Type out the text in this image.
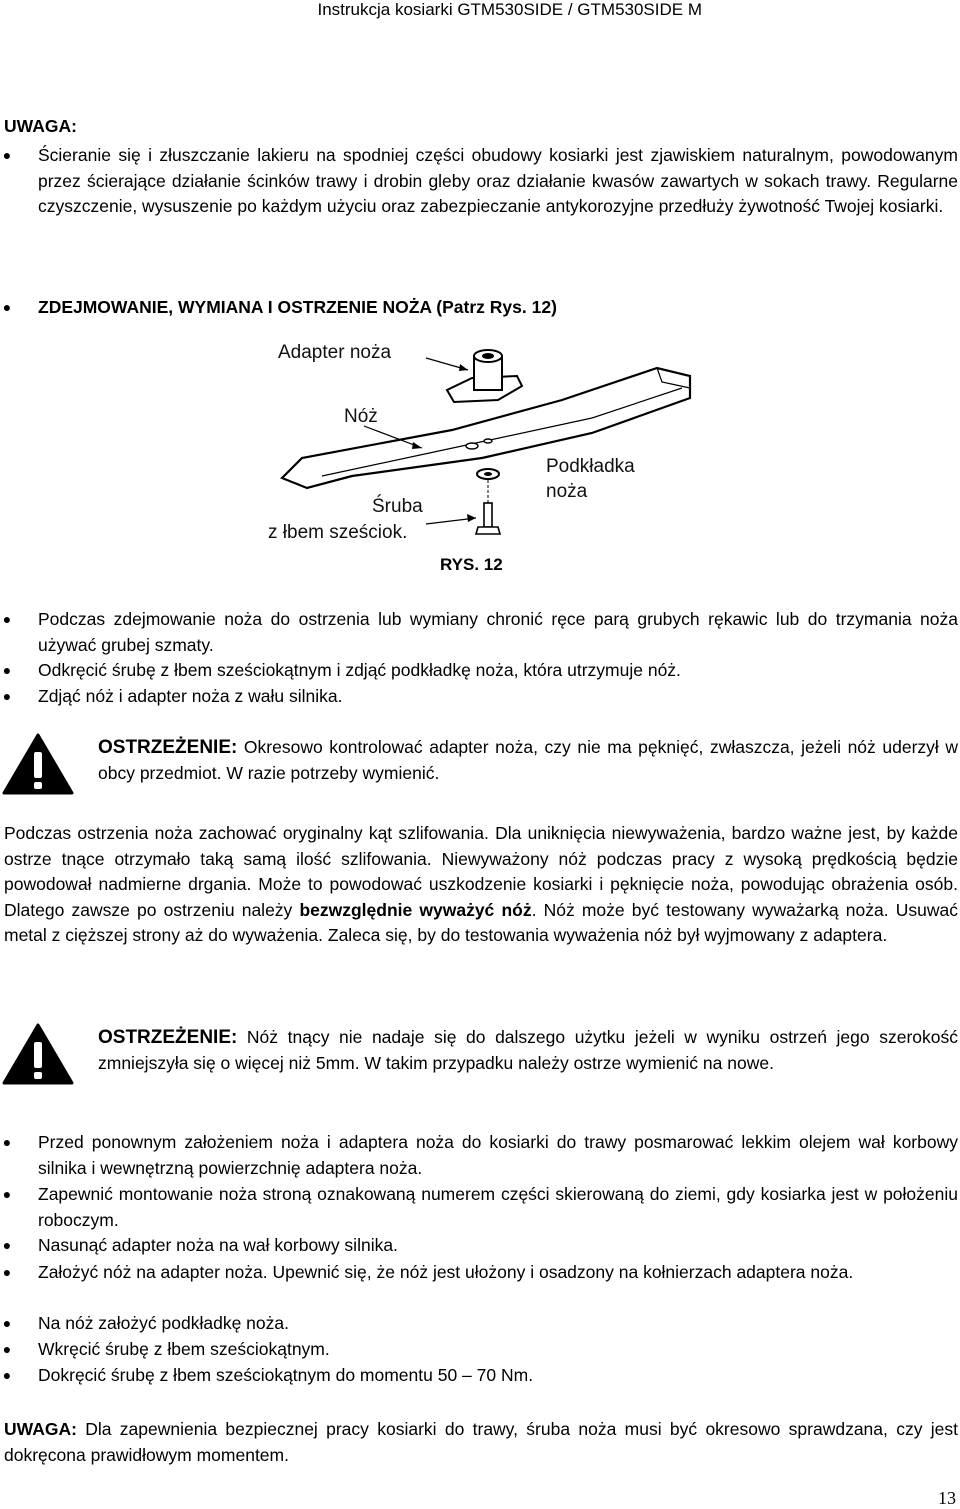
Instrukcja kosiarki GTM530SIDE / GTM530SIDE M
UWAGA:
● Ścieranie się i złuszczanie lakieru na spodniej części obudowy kosiarki jest zjawiskiem naturalnym, powodowanym przez ścierające działanie ścinków trawy i drobin gleby oraz działanie kwasów zawartych w sokach trawy. Regularne czyszczenie, wysuszenie po każdym użyciu oraz zabezpieczanie antykorozyjne przedłuży żywotność Twojej kosiarki.
● ZDEJMOWANIE, WYMIANA I OSTRZENIE NOŻA (Patrz Rys. 12)
Adapter noża
Nóż
Podkładka
noża
Śruba
z łbem sześciok.
RYS. 12
● Podczas zdejmowanie noża do ostrzenia lub wymiany chronić ręce parą grubych rękawic lub do trzymania noża używać grubej szmaty.
● Odkręcić śrubę z łbem sześciokątnym i zdjąć podkładkę noża, która utrzymuje nóż.
● Zdjąć nóż i adapter noża z wału silnika.
OSTRZEŻENIE: Okresowo kontrolować adapter noża, czy nie ma pęknięć, zwłaszcza, jeżeli nóż uderzył w obcy przedmiot. W razie potrzeby wymienić.
Podczas ostrzenia noża zachować oryginalny kąt szlifowania. Dla uniknięcia niewyważenia, bardzo ważne jest, by każde ostrze tnące otrzymało taką samą ilość szlifowania. Niewyważony nóż podczas pracy z wysoką prędkością będzie powodował nadmierne drgania. Może to powodować uszkodzenie kosiarki i pęknięcie noża, powodując obrażenia osób. Dlatego zawsze po ostrzeniu należy bezwzględnie wyważyć nóż. Nóż może być testowany wyważarką noża. Usuwać metal z cięższej strony aż do wyważenia. Zaleca się, by do testowania wyważenia nóż był wyjmowany z adaptera.
OSTRZEŻENIE: Nóż tnący nie nadaje się do dalszego użytku jeżeli w wyniku ostrzeń jego szerokość zmniejszyła się o więcej niż 5mm. W takim przypadku należy ostrze wymienić na nowe.
● Przed ponownym założeniem noża i adaptera noża do kosiarki do trawy posmarować lekkim olejem wał korbowy silnika i wewnętrzną powierzchnię adaptera noża.
● Zapewnić montowanie noża stroną oznakowaną numerem części skierowaną do ziemi, gdy kosiarka jest w położeniu roboczym.
● Nasunąć adapter noża na wał korbowy silnika.
● Założyć nóż na adapter noża. Upewnić się, że nóż jest ułożony i osadzony na kołnierzach adaptera noża.
● Na nóż założyć podkładkę noża.
● Wkręcić śrubę z łbem sześciokątnym.
● Dokręcić śrubę z łbem sześciokątnym do momentu 50 – 70 Nm.
UWAGA: Dla zapewnienia bezpiecznej pracy kosiarki do trawy, śruba noża musi być okresowo sprawdzana, czy jest dokręcona prawidłowym momentem.
13
